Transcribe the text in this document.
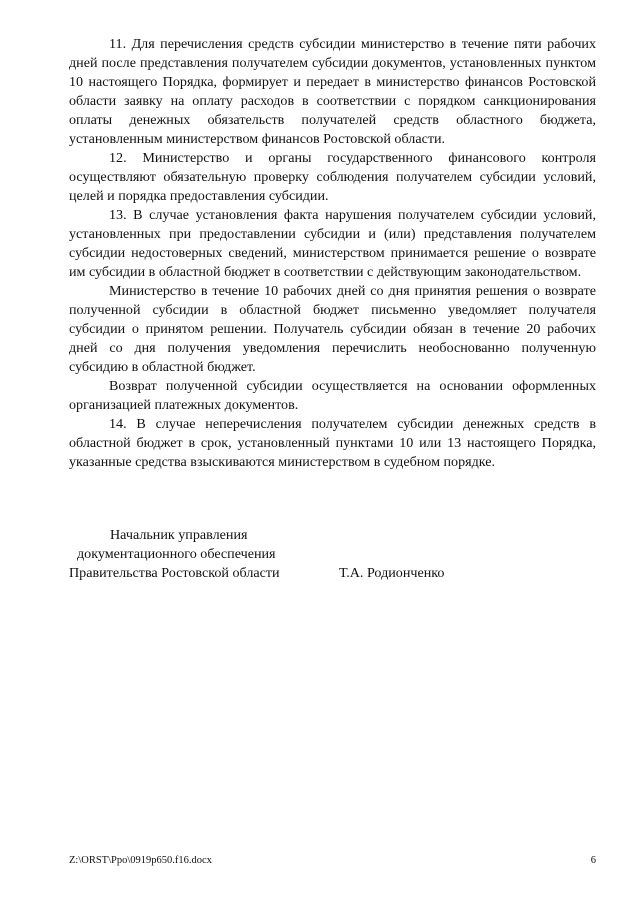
11. Для перечисления средств субсидии министерство в течение пяти рабочих дней после представления получателем субсидии документов, установленных пунктом 10 настоящего Порядка, формирует и передает в министерство финансов Ростовской области заявку на оплату расходов в соответствии с порядком санкционирования оплаты денежных обязательств получателей средств областного бюджета, установленным министерством финансов Ростовской области.

12. Министерство и органы государственного финансового контроля осуществляют обязательную проверку соблюдения получателем субсидии условий, целей и порядка предоставления субсидии.

13. В случае установления факта нарушения получателем субсидии условий, установленных при предоставлении субсидии и (или) представления получателем субсидии недостоверных сведений, министерством принимается решение о возврате им субсидии в областной бюджет в соответствии с действующим законодательством.

Министерство в течение 10 рабочих дней со дня принятия решения о возврате полученной субсидии в областной бюджет письменно уведомляет получателя субсидии о принятом решении. Получатель субсидии обязан в течение 20 рабочих дней со дня получения уведомления перечислить необоснованно полученную субсидию в областной бюджет.

Возврат полученной субсидии осуществляется на основании оформленных организацией платежных документов.

14. В случае неперечисления получателем субсидии денежных средств в областной бюджет в срок, установленный пунктами 10 или 13 настоящего Порядка, указанные средства взыскиваются министерством в судебном порядке.

Начальник управления
документационного обеспечения
Правительства Ростовской области	Т.А. Родионченко
Z:\ORST\Ppo\0919p650.f16.docx	6
